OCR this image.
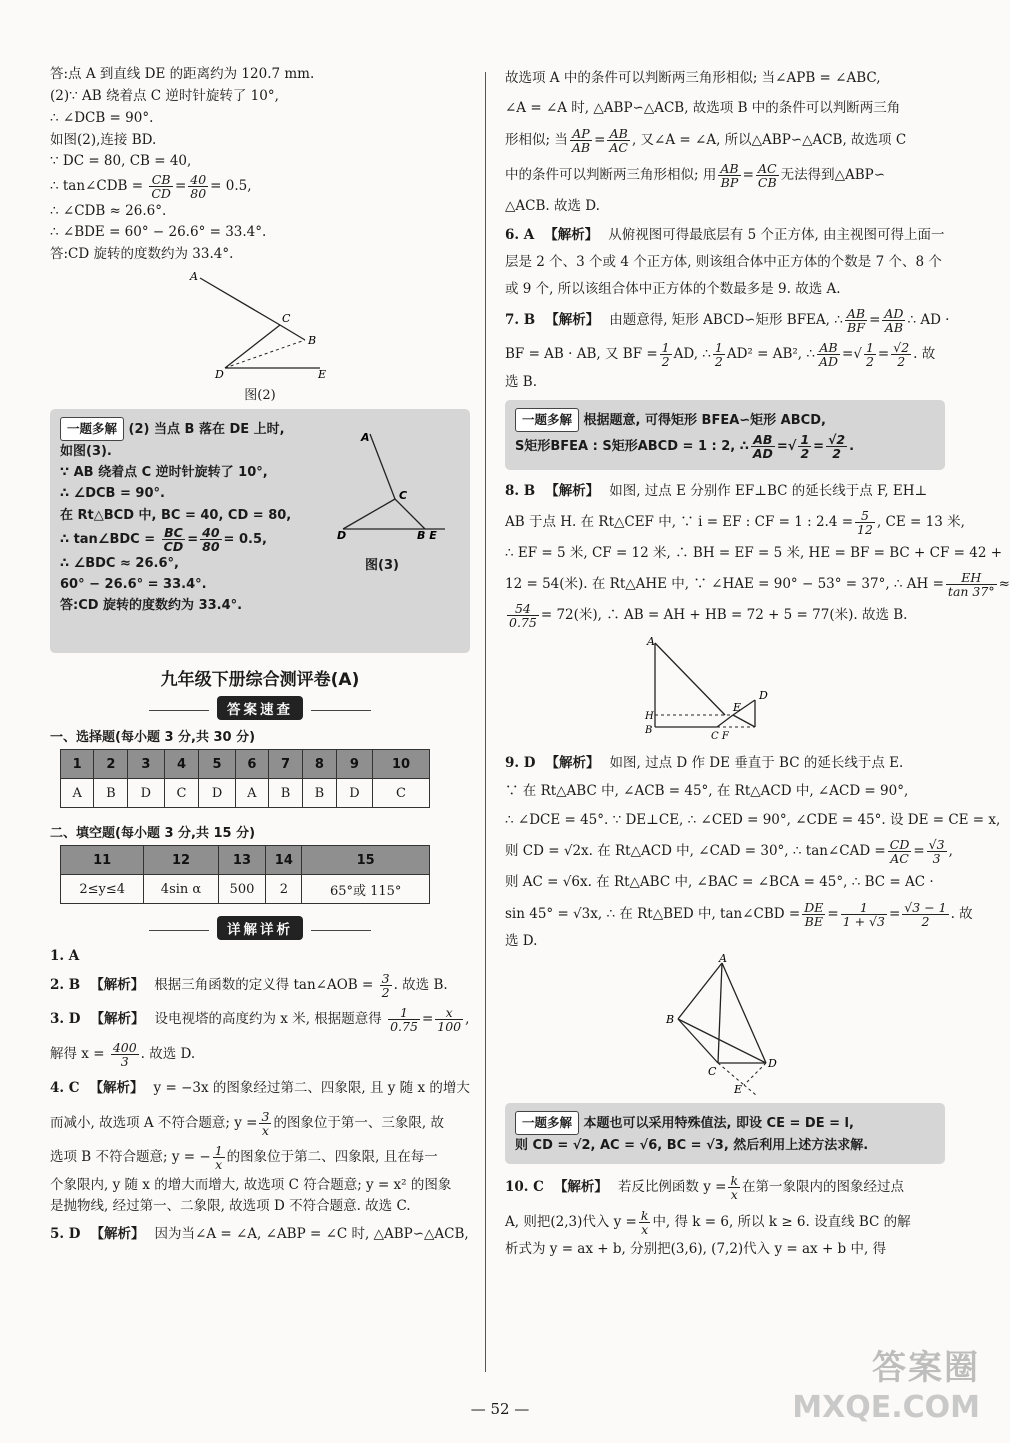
答:点 A 到直线 DE 的距离约为 120.7 mm.

(2)∵ AB 绕着点 C 逆时针旋转了 10°,

∴ ∠DCB = 90°.

如图(2),连接 BD.

∵ DC = 80, CB = 40,

∴ tan∠CDB = $\frac{CB}{CD} = \frac{40}{80} = 0.5$,

∴ ∠CDB ≈ 26.6°.

∴ ∠BDE = 60° − 26.6° = 33.4°.

答:CD 旋转的度数约为 33.4°.

A
C
B
D	E

图(2)

一题多解 (2) 当点 B 落在 DE 上时,

如图(3).

∵ AB 绕着点 C 逆时针旋转了 10°,

∴ ∠DCB = 90°.

在 Rt△BCD 中, BC = 40, CD = 80,

∴ tan∠BDC = $\frac{BC}{CD} = \frac{40}{80} = 0.5$,

∴ ∠BDC ≈ 26.6°,

60° − 26.6° = 33.4°.

答:CD 旋转的度数约为 33.4°.

A
C
D	B E
图(3)
九年级下册综合测评卷(A)
答案速查
一、选择题(每小题 3 分,共 30 分)
1	2	3	4	5	6	7	8	9	10
A	B	D	C	D	A	B	B	D	C
二、填空题(每小题 3 分,共 15 分)
11	12	13	14	15
2≤y≤4	4sin α	500	2	65°或 115°
详解详析

1. A

2. B 【解析】 根据三角函数的定义得 tan∠AOB = $\frac{3}{2}$ . 故选 B.

3. D 【解析】 设电视塔的高度约为 x 米, 根据题意得 $\frac{1}{0.75} = \frac{x}{100}$ ,

解得 $x = \frac{400}{3}$ . 故选 D.

4. C 【解析】 y = −3x 的图象经过第二、四象限, 且 y 随 x 的增大

而减小, 故选项 A 不符合题意; $y = \frac{3}{x}$ 的图象位于第一、三象限, 故

选项 B 不符合题意; y = − $\frac{1}{x}$ 的图象位于第二、四象限, 且在每一

个象限内, y 随 x 的增大而增大, 故选项 C 符合题意; y = x² 的图象

是抛物线, 经过第一、二象限, 故选项 D 不符合题意. 故选 C.

5. D 【解析】 因为当∠A = ∠A, ∠ABP = ∠C 时, △ABP∽△ACB,

故选项 A 中的条件可以判断两三角形相似; 当∠APB = ∠ABC,

∠A = ∠A 时, △ABP∽△ACB, 故选项 B 中的条件可以判断两三角

形相似; 当 $\frac{AP}{AB} = \frac{AB}{AC}$ , 又∠A = ∠A, 所以△ABP∽△ACB, 故选项 C

中的条件可以判断两三角形相似; 用 $\frac{AB}{BP} = \frac{AC}{CB}$ 无法得到△ABP∽

△ACB. 故选 D.

6. A 【解析】 从俯视图可得最底层有 5 个正方体, 由主视图可得上面一层是 2 个、3 个或 4 个正方体, 则该组合体中正方体的个数是 7 个、8 个或 9 个, 所以该组合体中正方体的个数最多是 9. 故选 A.

7. B 【解析】 由题意得, 矩形 ABCD∽矩形 BFEA, ∴ $\frac{AB}{BF} = \frac{AD}{AB}$ ∴ AD ·

BF = AB · AB, 又 BF = $\frac{1}{2}$ AD, ∴ $\frac{1}{2} AD^2 = AB^2$, ∴ $\frac{AB}{AD}$ =√ $\frac{1}{2} = \frac{√2}{2}$ . 故

选 B.

一题多解 根据题意, 可得矩形 BFEA∽矩形 ABCD,

S矩形BFEA : S矩形ABCD = 1 : 2, ∴ $\frac{AB}{AD}$ =√ $\frac{1}{2} = \frac{√2}{2}$ .

8. B 【解析】 如图, 过点 E 分别作 EF⊥BC 的延长线于点 F, EH⊥

AB 于点 H. 在 Rt△CEF 中, ∵ i = EF : CF = 1 : $2.4 = \frac{5}{12}$ , CE = 13 米,

∴ EF = 5 米, CF = 12 米, ∴ BH = EF = 5 米, HE = BF = BC + CF = 42 +

12 = 54(米). 在 Rt△AHE 中, ∵ ∠HAE = 90° − 53° = 37°, ∴ AH = $\frac{EH}{\tan 37^\circ}$ ≈

$\frac{54}{0.75} = 72$(米), ∴ AB = AH + HB = 72 + 5 = 77(米). 故选 B.

A
H
B
E
C F
D

9. D 【解析】 如图, 过点 D 作 DE 垂直于 BC 的延长线于点 E.

∵ 在 Rt△ABC 中, ∠ACB = 45°, 在 Rt△ACD 中, ∠ACD = 90°,

∴ ∠DCE = 45°. ∵ DE⊥CE, ∴ ∠CED = 90°, ∠CDE = 45°. 设 DE = CE = x,

则 CD = √2x. 在 Rt△ACD 中, ∠CAD = 30°, ∴ tan∠CAD = $\frac{CD}{AC} = \frac{√3}{3}$ ,

则 AC = √6x. 在 Rt△ABC 中, ∠BAC = ∠BCA = 45°, ∴ BC = AC ·

sin 45° = √3x, ∴ 在 Rt△BED 中, tan∠CBD = $\frac{DE}{BE} = \frac{1}{1 + √3} = \frac{√3 - 1}{2}$ . 故

选 D.

A
B
C
D
E

一题多解 本题也可以采用特殊值法, 即设 CE = DE = l,

则 CD = √2, AC = √6, BC = √3, 然后利用上述方法求解.

10. C 【解析】 若反比例函数 $y = \frac{k}{x}$ 在第一象限内的图象经过点

A, 则把(2,3)代入 $y = \frac{k}{x}$ 中, 得 k = 6, 所以 k ≥ 6. 设直线 BC 的解

析式为 y = ax + b, 分别把(3,6), (7,2)代入 y = ax + b 中, 得

— 52 —
答案圈
MXQE.COM
